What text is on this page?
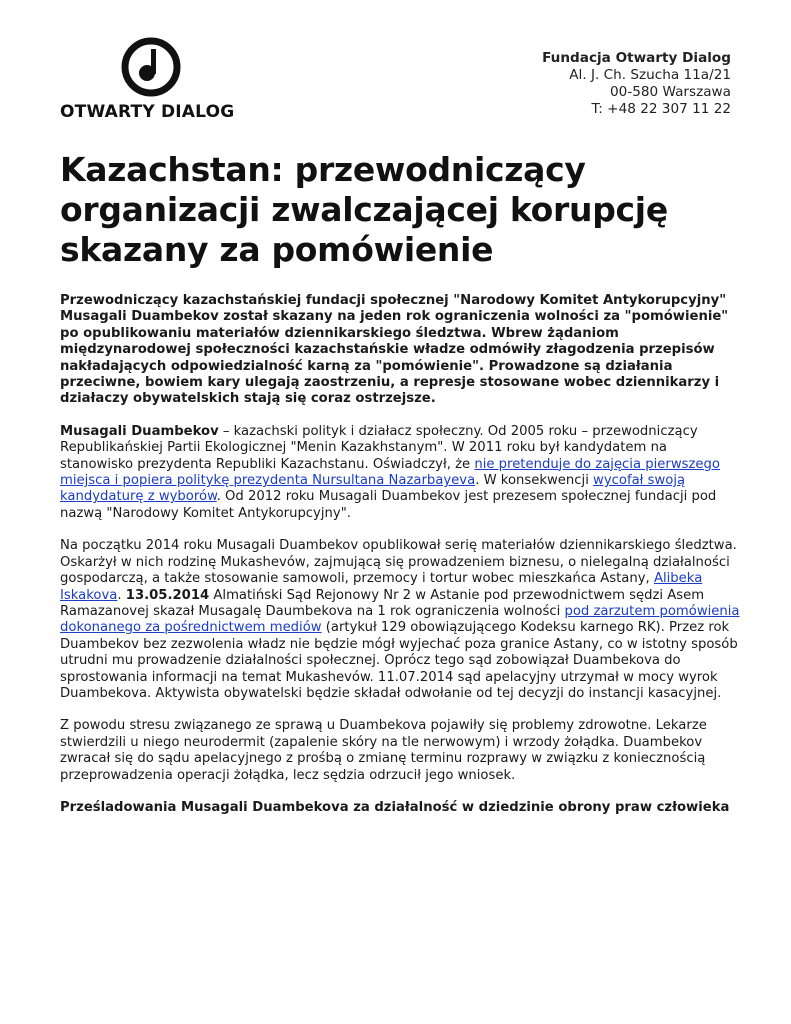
OTWARTY DIALOG
Fundacja Otwarty Dialog
Al. J. Ch. Szucha 11a/21
00-580 Warszawa
T: +48 22 307 11 22
Kazachstan: przewodniczący organizacji zwalczającej korupcję skazany za pomówienie

Przewodniczący kazachstańskiej fundacji społecznej "Narodowy Komitet Antykorupcyjny" Musagali Duambekov został skazany na jeden rok ograniczenia wolności za "pomówienie" po opublikowaniu materiałów dziennikarskiego śledztwa. Wbrew żądaniom międzynarodowej społeczności kazachstańskie władze odmówiły złagodzenia przepisów nakładających odpowiedzialność karną za "pomówienie". Prowadzone są działania przeciwne, bowiem kary ulegają zaostrzeniu, a represje stosowane wobec dziennikarzy i działaczy obywatelskich stają się coraz ostrzejsze.

Musagali Duambekov – kazachski polityk i działacz społeczny. Od 2005 roku – przewodniczący Republikańskiej Partii Ekologicznej "Menin Kazakhstanym". W 2011 roku był kandydatem na stanowisko prezydenta Republiki Kazachstanu. Oświadczył, że nie pretenduje do zajęcia pierwszego miejsca i popiera politykę prezydenta Nursultana Nazarbayeva. W konsekwencji wycofał swoją kandydaturę z wyborów. Od 2012 roku Musagali Duambekov jest prezesem społecznej fundacji pod nazwą "Narodowy Komitet Antykorupcyjny".

Na początku 2014 roku Musagali Duambekov opublikował serię materiałów dziennikarskiego śledztwa. Oskarżył w nich rodzinę Mukashevów, zajmującą się prowadzeniem biznesu, o nielegalną działalności gospodarczą, a także stosowanie samowoli, przemocy i tortur wobec mieszkańca Astany, Alibeka Iskakova. 13.05.2014 Almatiński Sąd Rejonowy Nr 2 w Astanie pod przewodnictwem sędzi Asem Ramazanovej skazał Musagalę Daumbekova na 1 rok ograniczenia wolności pod zarzutem pomówienia dokonanego za pośrednictwem mediów (artykuł 129 obowiązującego Kodeksu karnego RK). Przez rok Duambekov bez zezwolenia władz nie będzie mógł wyjechać poza granice Astany, co w istotny sposób utrudni mu prowadzenie działalności społecznej. Oprócz tego sąd zobowiązał Duambekova do sprostowania informacji na temat Mukashevów. 11.07.2014 sąd apelacyjny utrzymał w mocy wyrok Duambekova. Aktywista obywatelski będzie składał odwołanie od tej decyzji do instancji kasacyjnej.

Z powodu stresu związanego ze sprawą u Duambekova pojawiły się problemy zdrowotne. Lekarze stwierdzili u niego neurodermit (zapalenie skóry na tle nerwowym) i wrzody żołądka. Duambekov zwracał się do sądu apelacyjnego z prośbą o zmianę terminu rozprawy w związku z koniecznością przeprowadzenia operacji żołądka, lecz sędzia odrzucił jego wniosek.

Prześladowania Musagali Duambekova za działalność w dziedzinie obrony praw człowieka
